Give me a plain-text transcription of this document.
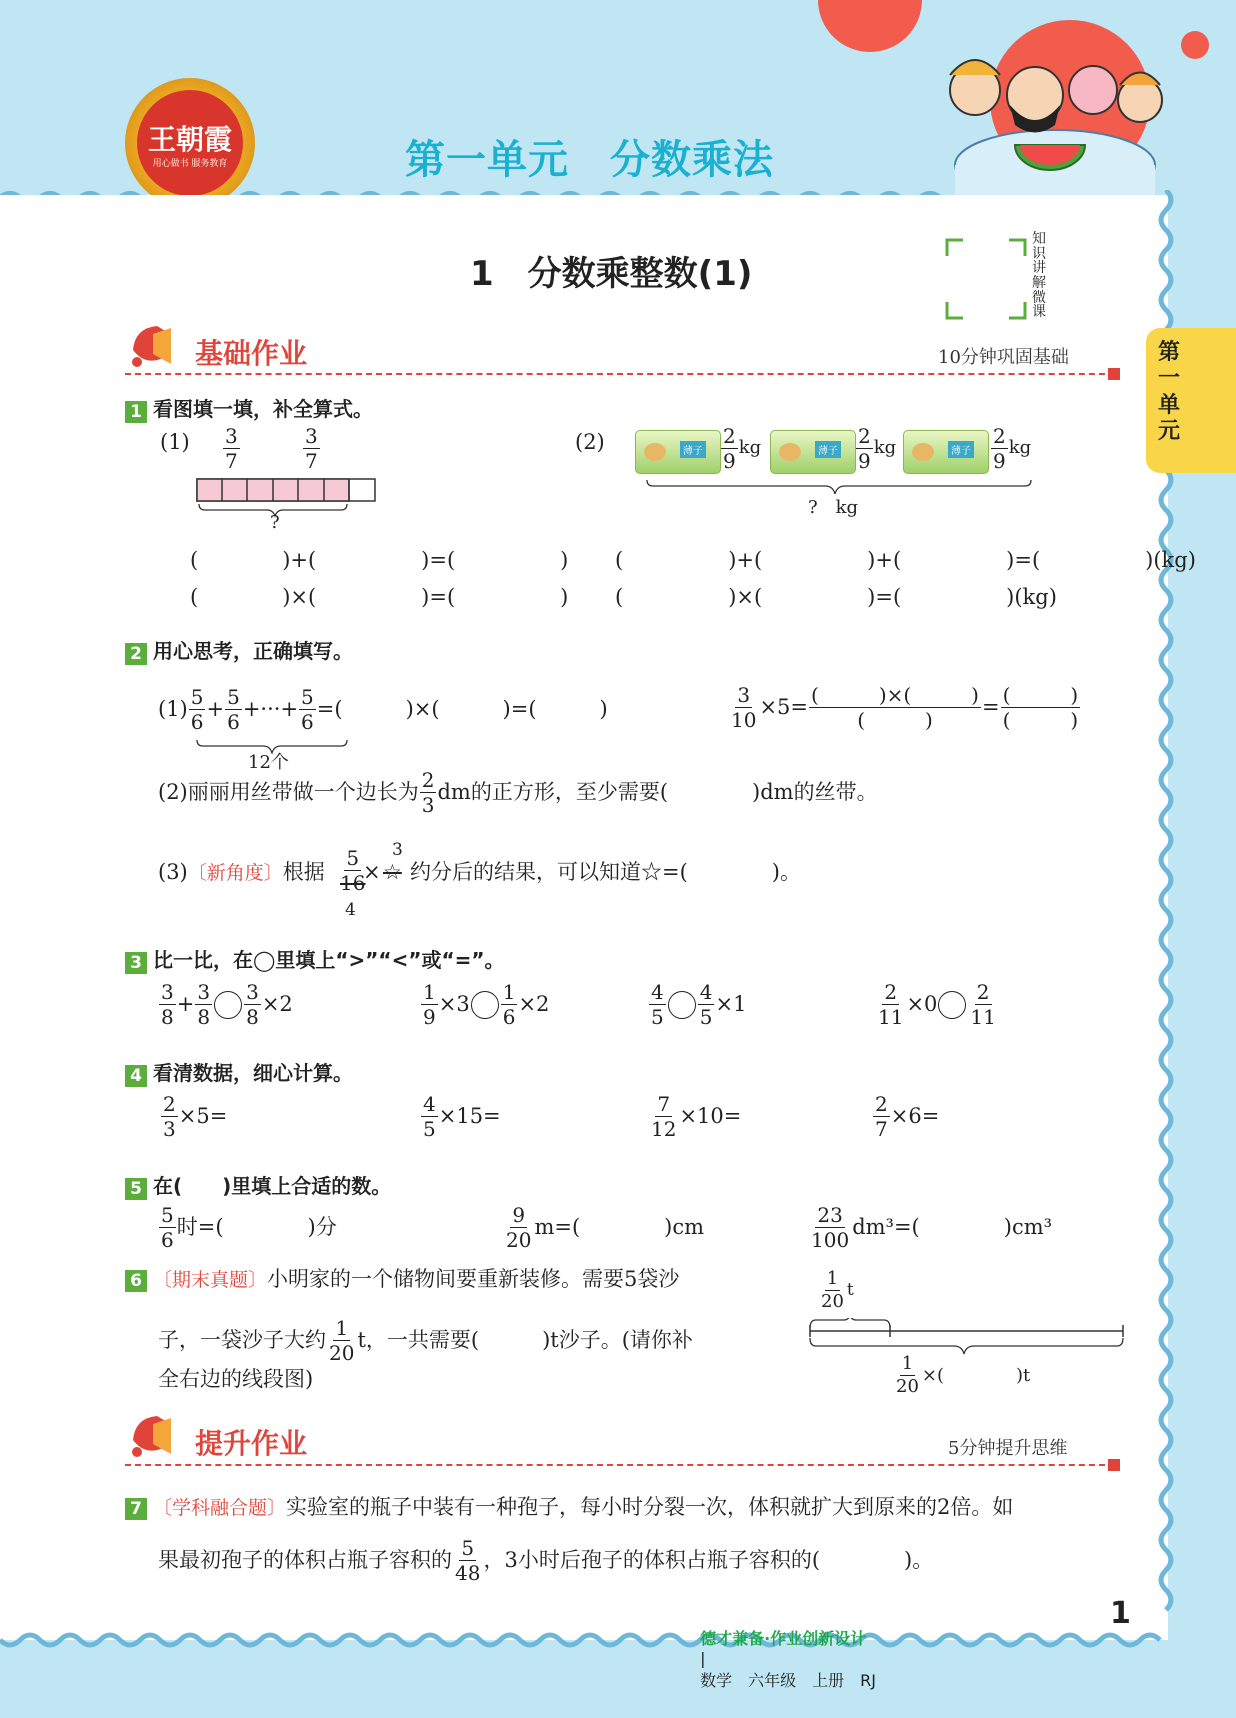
王朝霞
用心做书 服务教育	第一单元　分数乘法
第一单元
1　分数乘整数(1)
知识讲解微课
基础作业	10分钟巩固基础
1 看图填一填，补全算式。
$(1) \frac{3}{7}$	$\frac{3}{7}$
?
(2)	薄子 $\frac{2}{9}$ kg	薄子 $\frac{2}{9}$ kg	薄子 $\frac{2}{9}$ kg
?　kg
(　　　　)+(　　　　　)=(　　　　　)
(　　　　)×(　　　　　)=(　　　　　)
(　　　　　)+(　　　　　)+(　　　　　)=(　　　　　)(kg)
(　　　　　)×(　　　　　)=(　　　　　)(kg)
2 用心思考，正确填写。
$(1) \frac{5}{6} + \frac{5}{6}$ +···+ $\frac{5}{6}$ =(　　　)×(　　　)=(　　　)
12个
$\frac{3}{10} \times 5= \frac{( )\times( )}{( )} = \frac{( )}{( )}$
(2)丽丽用丝带做一个边长为 $\frac{2}{3}$ dm的正方形，至少需要(　　　　)dm的丝带。
(3)〔新角度〕根据 $\frac{5}{16}$
4
× ☆
3
约分后的结果，可以知道☆=(　　　　)。
3 比一比，在◯里填上“>”“<”或“=”。
$\frac{3}{8} + \frac{3}{8} \frac{3}{8} \times 2$	$\frac{1}{9} \times 3 \frac{1}{6} \times 2$	$\frac{4}{5} \frac{4}{5} \times 1$	$\frac{2}{11} \times 0 \frac{2}{11}$
4 看清数据，细心计算。
$\frac{2}{3} \times 5=$	$\frac{4}{5} \times 15=$	$\frac{7}{12} \times 10=$	$\frac{2}{7} \times 6=$
5 在(　　)里填上合适的数。
$\frac{5}{6}$ 时=(　　　　)分	$\frac{9}{20} m=$(　　　　)cm	$\frac{23}{100} dm^3=$(　　　　)cm³
6 〔期末真题〕小明家的一个储物间要重新装修。需要5袋沙
子，一袋沙子大约 $\frac{1}{20}$ t，一共需要(　　　)t沙子。(请你补
全右边的线段图)
$\frac{1}{20}$ t
$\frac{1}{20}$ ×(　　　　)t
提升作业	5分钟提升思维
7 〔学科融合题〕实验室的瓶子中装有一种孢子，每小时分裂一次，体积就扩大到原来的2倍。如
果最初孢子的体积占瓶子容积的 $\frac{5}{48}$ ，3小时后孢子的体积占瓶子容积的(　　　　)。

德才兼备·作业创新设计
|
数学　六年级　上册　RJ

1
